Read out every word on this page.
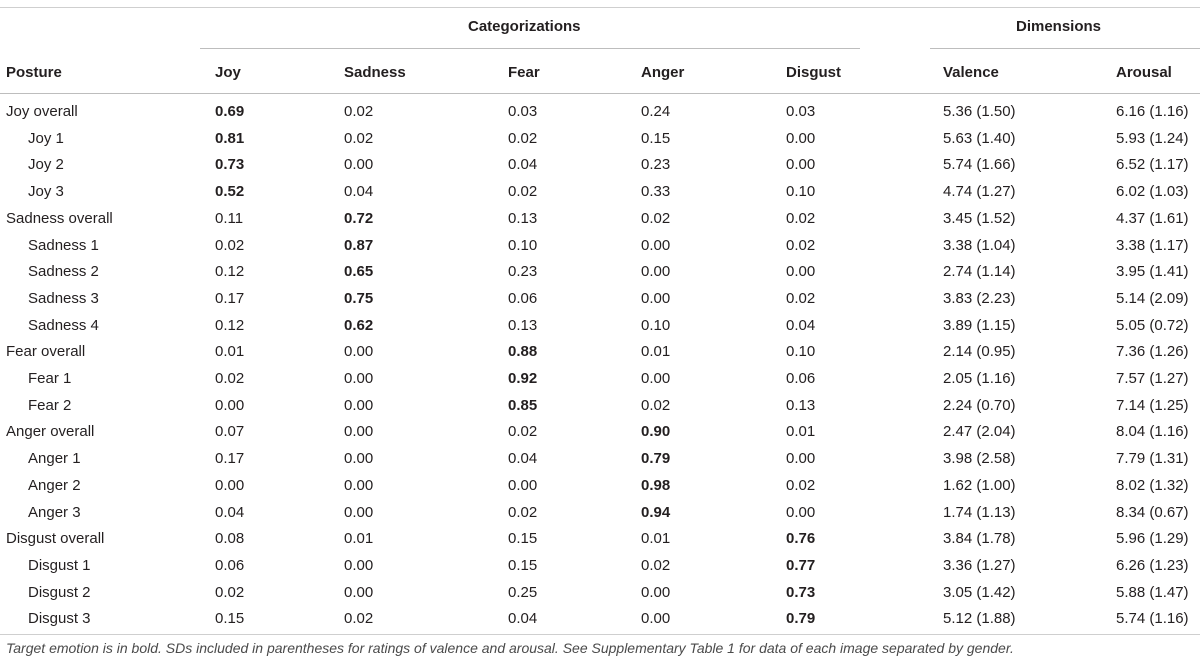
Categorizations	Dimensions
Posture	Joy	Sadness	Fear	Anger	Disgust	Valence	Arousal
Joy overall	0.69	0.02	0.03	0.24	0.03	5.36 (1.50)	6.16 (1.16)
Joy 1	0.81	0.02	0.02	0.15	0.00	5.63 (1.40)	5.93 (1.24)
Joy 2	0.73	0.00	0.04	0.23	0.00	5.74 (1.66)	6.52 (1.17)
Joy 3	0.52	0.04	0.02	0.33	0.10	4.74 (1.27)	6.02 (1.03)
Sadness overall	0.11	0.72	0.13	0.02	0.02	3.45 (1.52)	4.37 (1.61)
Sadness 1	0.02	0.87	0.10	0.00	0.02	3.38 (1.04)	3.38 (1.17)
Sadness 2	0.12	0.65	0.23	0.00	0.00	2.74 (1.14)	3.95 (1.41)
Sadness 3	0.17	0.75	0.06	0.00	0.02	3.83 (2.23)	5.14 (2.09)
Sadness 4	0.12	0.62	0.13	0.10	0.04	3.89 (1.15)	5.05 (0.72)
Fear overall	0.01	0.00	0.88	0.01	0.10	2.14 (0.95)	7.36 (1.26)
Fear 1	0.02	0.00	0.92	0.00	0.06	2.05 (1.16)	7.57 (1.27)
Fear 2	0.00	0.00	0.85	0.02	0.13	2.24 (0.70)	7.14 (1.25)
Anger overall	0.07	0.00	0.02	0.90	0.01	2.47 (2.04)	8.04 (1.16)
Anger 1	0.17	0.00	0.04	0.79	0.00	3.98 (2.58)	7.79 (1.31)
Anger 2	0.00	0.00	0.00	0.98	0.02	1.62 (1.00)	8.02 (1.32)
Anger 3	0.04	0.00	0.02	0.94	0.00	1.74 (1.13)	8.34 (0.67)
Disgust overall	0.08	0.01	0.15	0.01	0.76	3.84 (1.78)	5.96 (1.29)
Disgust 1	0.06	0.00	0.15	0.02	0.77	3.36 (1.27)	6.26 (1.23)
Disgust 2	0.02	0.00	0.25	0.00	0.73	3.05 (1.42)	5.88 (1.47)
Disgust 3	0.15	0.02	0.04	0.00	0.79	5.12 (1.88)	5.74 (1.16)
Target emotion is in bold. SDs included in parentheses for ratings of valence and arousal. See Supplementary Table 1 for data of each image separated by gender.
